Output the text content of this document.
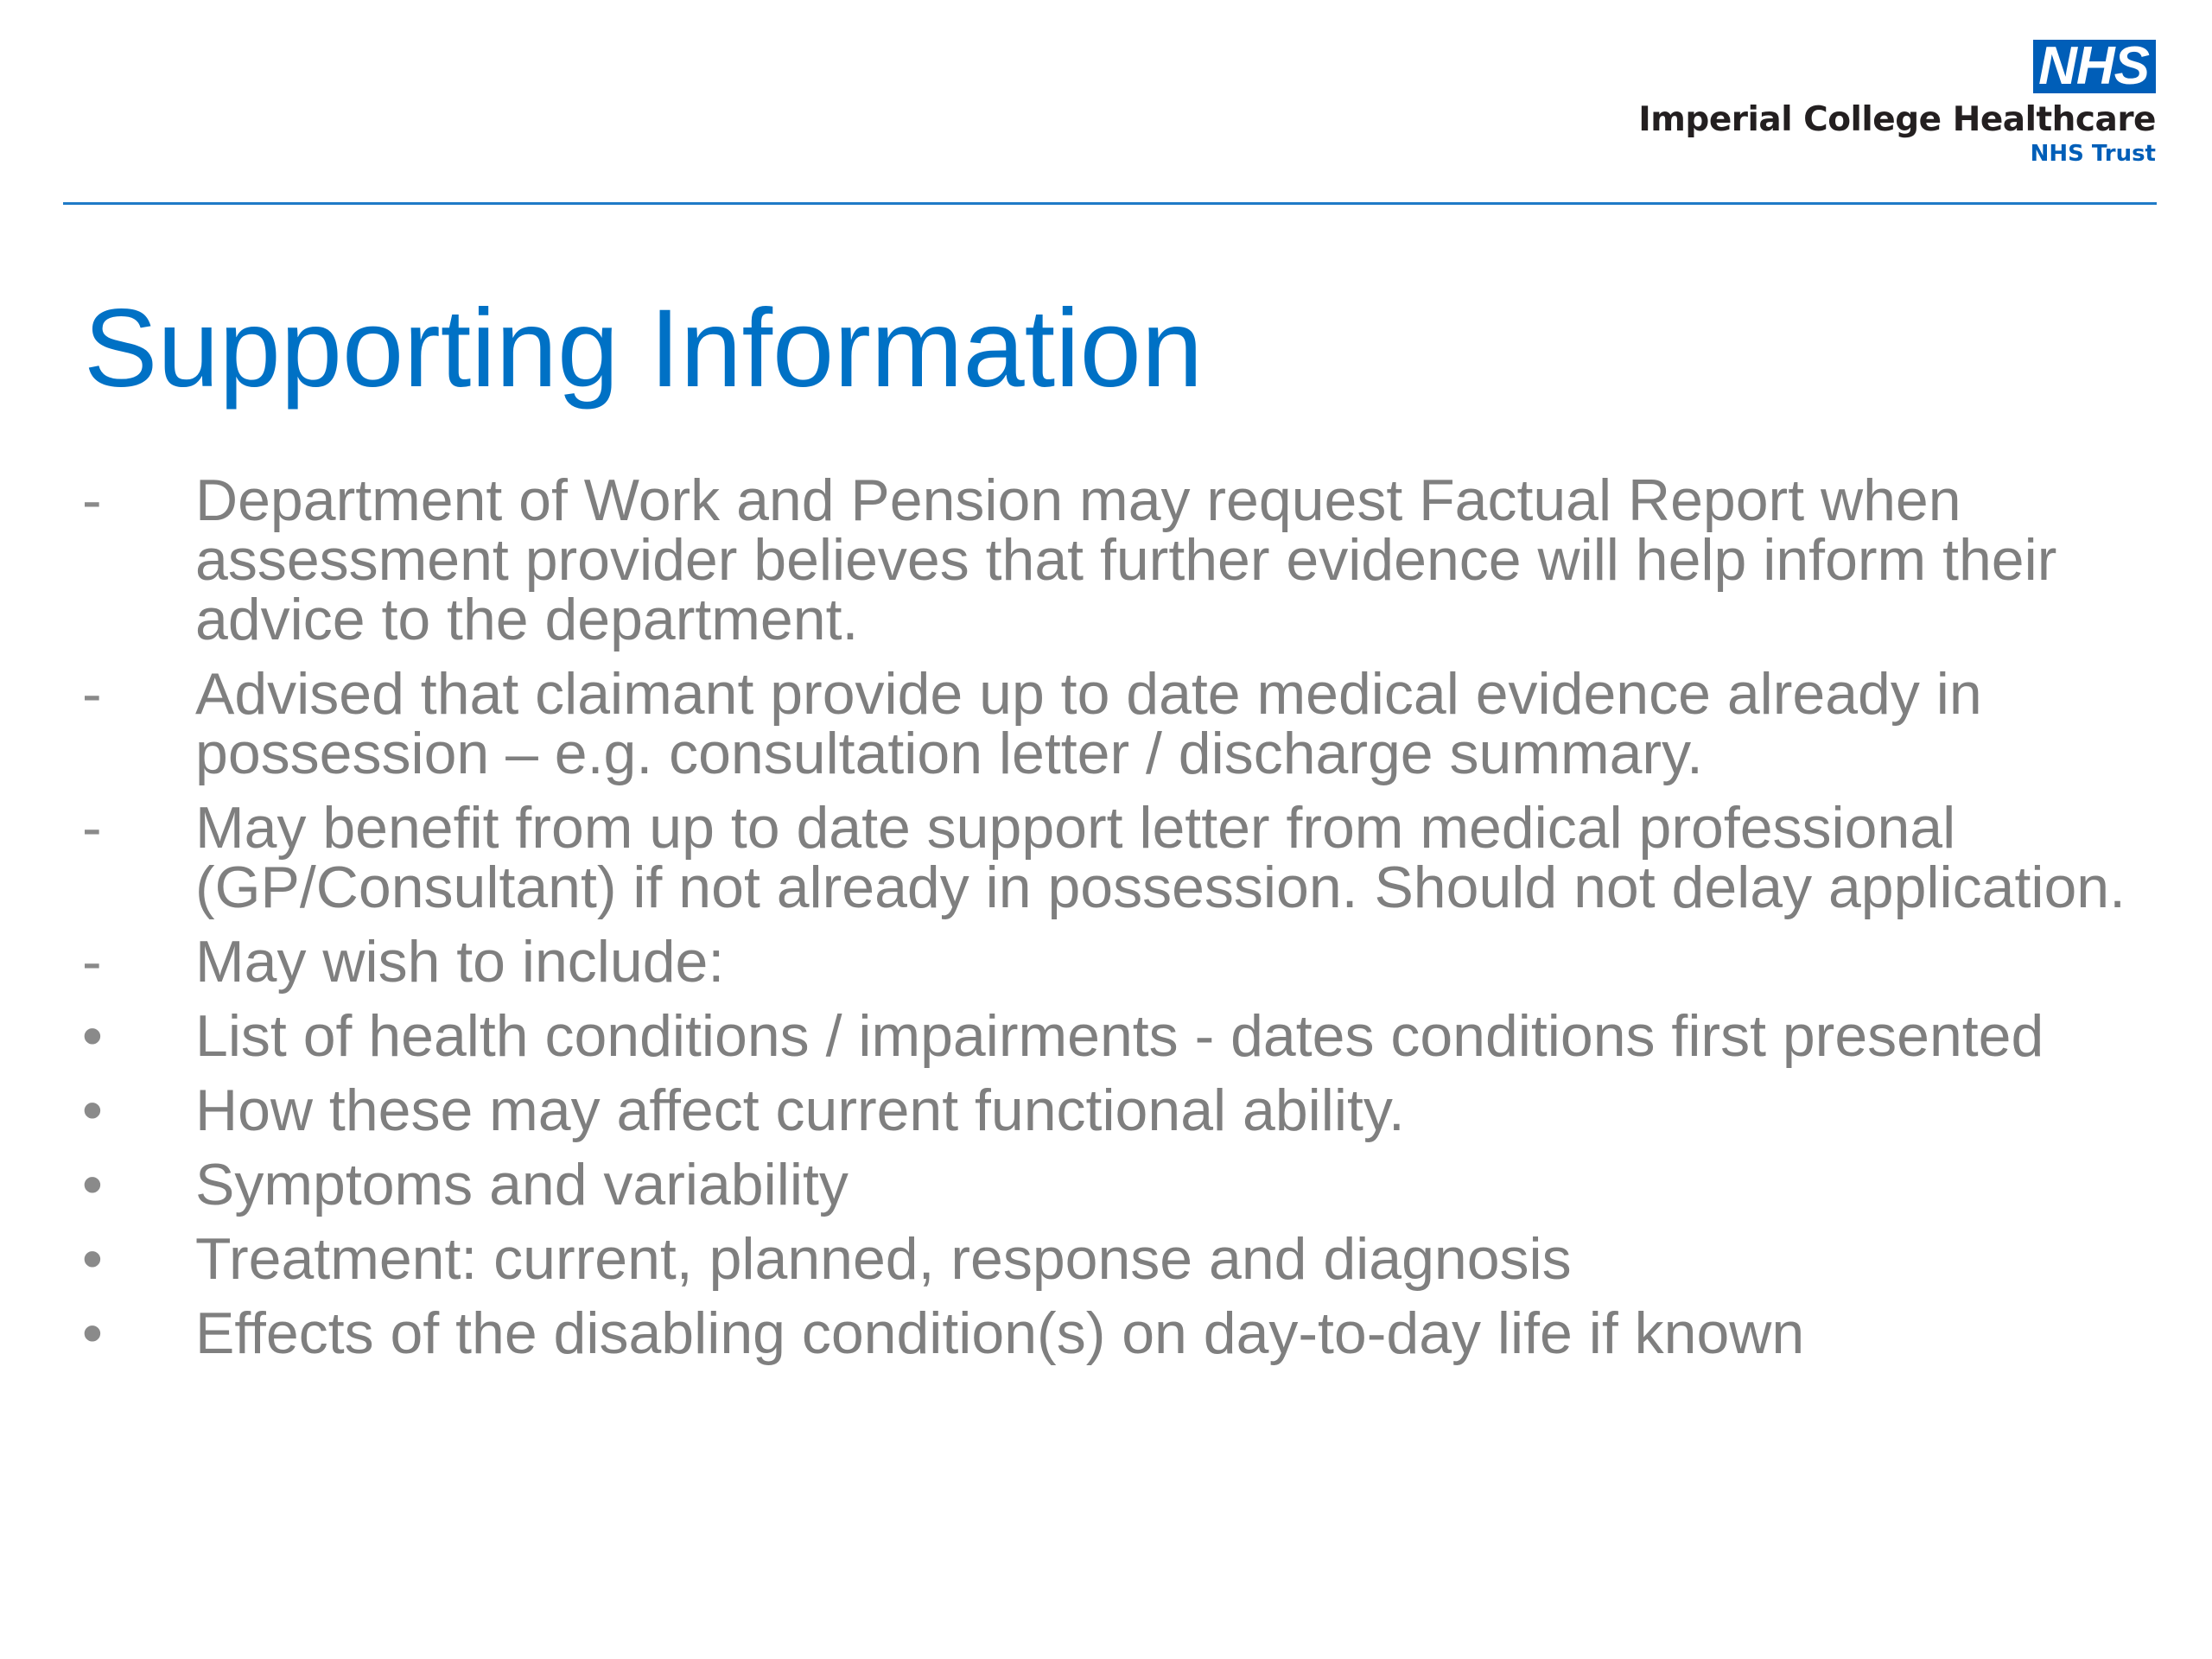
NHS
Imperial College Healthcare
NHS Trust
Supporting Information
-	Department of Work and Pension may request Factual Report when assessment provider believes that further evidence will help inform their advice to the department.
-	Advised that claimant provide up to date medical evidence already in possession – e.g. consultation letter / discharge summary.
-	May benefit from up to date support letter from medical professional (GP/Consultant) if not already in possession. Should not delay application.
-	May wish to include:
•	List of health conditions / impairments - dates conditions first presented
•	How these may affect current functional ability.
•	Symptoms and variability
•	Treatment: current, planned, response and diagnosis
•	Effects of the disabling condition(s) on day-to-day life if known
